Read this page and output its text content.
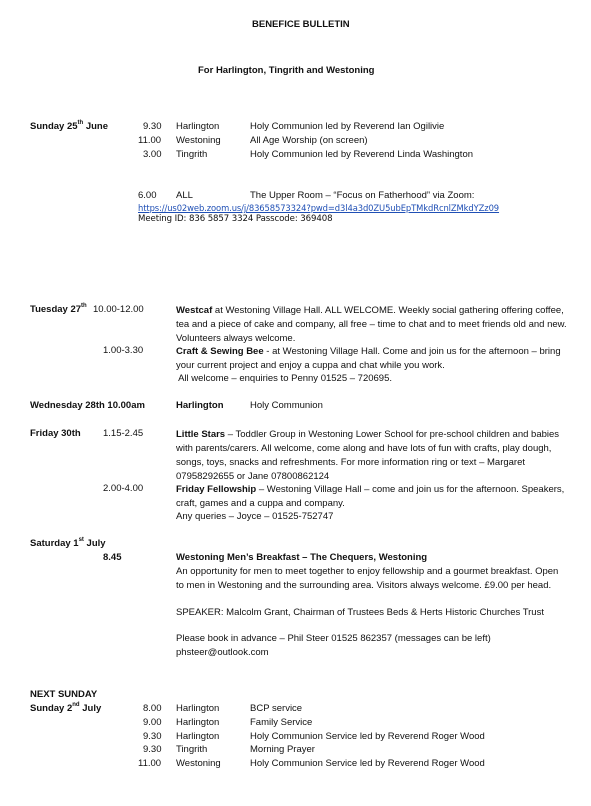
BENEFICE BULLETIN
For Harlington, Tingrith and Westoning
Sunday 25th June	9.30 Harlington	Holy Communion led by Reverend Ian Ogilivie
11.00 Westoning	All Age Worship (on screen)
3.00 Tingrith	Holy Communion led by Reverend Linda Washington
6.00 ALL	The Upper Room – “Focus on Fatherhood” via Zoom:
https://us02web.zoom.us/j/83658573324?pwd=d3l4a3d0ZU5ubEpTMkdRcnlZMkdYZz09
Meeting ID: 836 5857 3324 Passcode: 369408
Tuesday 27th 10.00-12.00	Westcaf at Westoning Village Hall. ALL WELCOME. Weekly social gathering offering coffee, tea and a piece of cake and company, all free – time to chat and to meet friends old and new. Volunteers always welcome.
1.00-3.30	Craft & Sewing Bee - at Westoning Village Hall. Come and join us for the afternoon – bring your current project and enjoy a cuppa and chat while you work.
All welcome – enquiries to Penny 01525 – 720695.
Wednesday 28th 10.00am	Harlington	Holy Communion
Friday 30th 1.15-2.45	Little Stars – Toddler Group in Westoning Lower School for pre-school children and babies with parents/carers. All welcome, come along and have lots of fun with crafts, play dough, songs, toys, snacks and refreshments. For more information ring or text – Margaret 07958292655 or Jane 07800862124
2.00-4.00	Friday Fellowship – Westoning Village Hall – come and join us for the afternoon. Speakers, craft, games and a cuppa and company.
Any queries – Joyce – 01525-752747
Saturday 1st July
8.45	Westoning Men’s Breakfast – The Chequers, Westoning
An opportunity for men to meet together to enjoy fellowship and a gourmet breakfast. Open to men in Westoning and the surrounding area. Visitors always welcome. £9.00 per head.
SPEAKER: Malcolm Grant, Chairman of Trustees Beds & Herts Historic Churches Trust
Please book in advance – Phil Steer 01525 862357 (messages can be left)
phsteer@outlook.com
NEXT SUNDAY
Sunday 2nd July	8.00 Harlington	BCP service
9.00 Harlington	Family Service
9.30 Harlington	Holy Communion Service led by Reverend Roger Wood
9.30 Tingrith	Morning Prayer
11.00 Westoning	Holy Communion Service led by Reverend Roger Wood
